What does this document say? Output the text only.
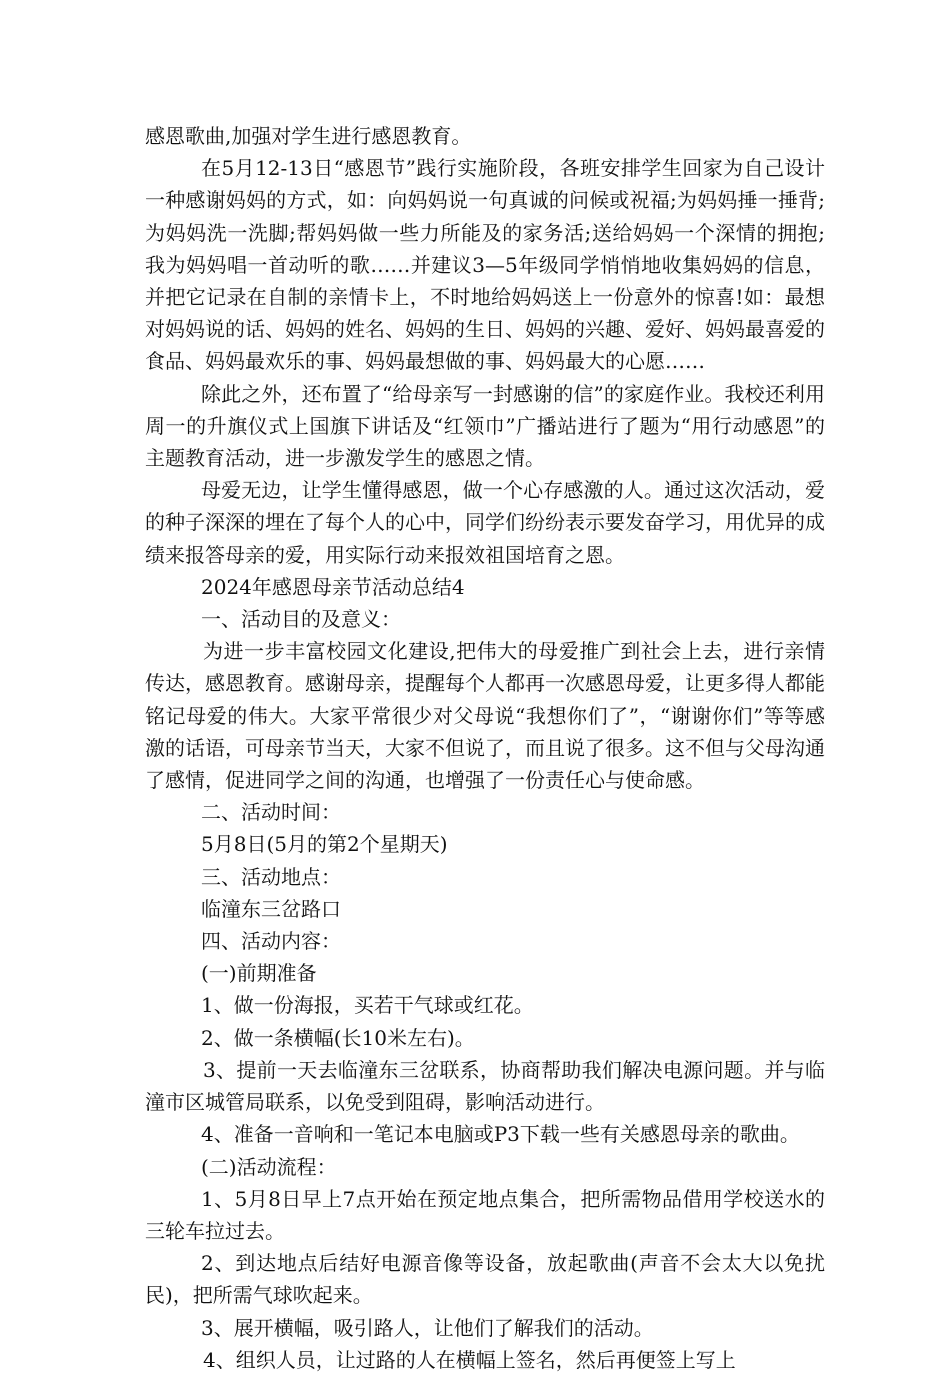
感恩歌曲,加强对学生进行感恩教育。

在5月12-13日“感恩节”践行实施阶段，各班安排学生回家为自己设计一种感谢妈妈的方式，如：向妈妈说一句真诚的问候或祝福;为妈妈捶一捶背;为妈妈洗一洗脚;帮妈妈做一些力所能及的家务活;送给妈妈一个深情的拥抱;我为妈妈唱一首动听的歌……并建议3—5年级同学悄悄地收集妈妈的信息，并把它记录在自制的亲情卡上，不时地给妈妈送上一份意外的惊喜!如：最想对妈妈说的话、妈妈的姓名、妈妈的生日、妈妈的兴趣、爱好、妈妈最喜爱的食品、妈妈最欢乐的事、妈妈最想做的事、妈妈最大的心愿……

除此之外，还布置了“给母亲写一封感谢的信”的家庭作业。我校还利用周一的升旗仪式上国旗下讲话及“红领巾”广播站进行了题为“用行动感恩”的主题教育活动，进一步激发学生的感恩之情。

母爱无边，让学生懂得感恩，做一个心存感激的人。通过这次活动，爱的种子深深的埋在了每个人的心中，同学们纷纷表示要发奋学习，用优异的成绩来报答母亲的爱，用实际行动来报效祖国培育之恩。

2024年感恩母亲节活动总结4

一、活动目的及意义：

为进一步丰富校园文化建设,把伟大的母爱推广到社会上去，进行亲情传达，感恩教育。感谢母亲，提醒每个人都再一次感恩母爱，让更多得人都能铭记母爱的伟大。大家平常很少对父母说“我想你们了”，“谢谢你们”等等感激的话语，可母亲节当天，大家不但说了，而且说了很多。这不但与父母沟通了感情，促进同学之间的沟通，也增强了一份责任心与使命感。

二、活动时间：

5月8日(5月的第2个星期天)

三、活动地点：

临潼东三岔路口

四、活动内容：

(一)前期准备

1、做一份海报，买若干气球或红花。

2、做一条横幅(长10米左右)。

3、提前一天去临潼东三岔联系，协商帮助我们解决电源问题。并与临潼市区城管局联系，以免受到阻碍，影响活动进行。

4、准备一音响和一笔记本电脑或P3下载一些有关感恩母亲的歌曲。

(二)活动流程：

1、5月8日早上7点开始在预定地点集合，把所需物品借用学校送水的三轮车拉过去。

2、到达地点后结好电源音像等设备，放起歌曲(声音不会太大以免扰民)，把所需气球吹起来。

3、展开横幅，吸引路人，让他们了解我们的活动。

4、组织人员，让过路的人在横幅上签名，然后再便签上写上
